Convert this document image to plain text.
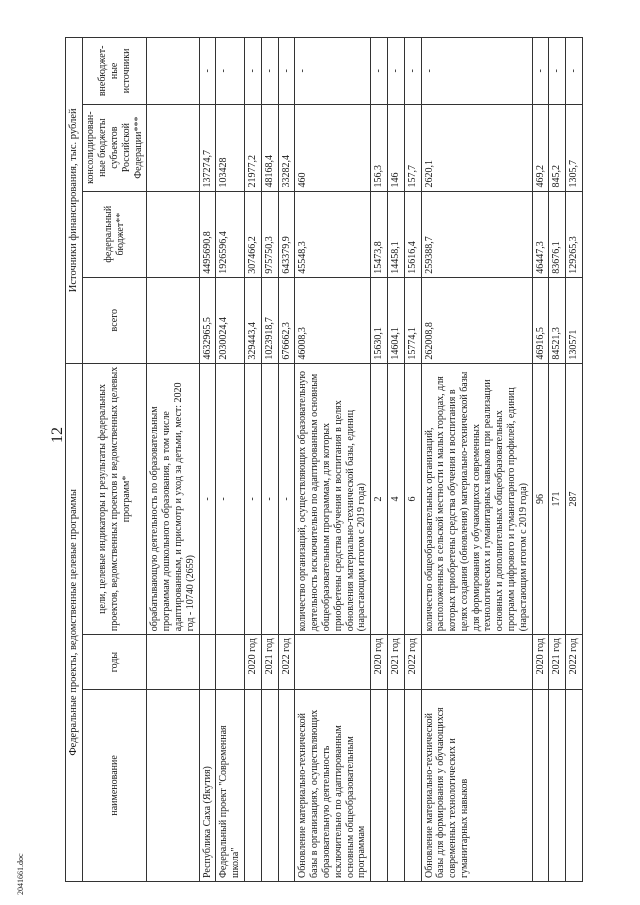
12
Федеральные проекты, ведомственные целевые программы			Источники финансирования, тыс. рублей			
наименование	годы	цели, целевые индикаторы и результаты федеральных проектов, ведомственных проектов и ведомственных целевых программ*	всего	федеральный бюджет**	консолидирован-ные бюджеты субъектов Российской Федерации***	внебюджет-ные источники
		обрабатывающую деятельность по образовательным программам дошкольного образования, в том числе адаптированным, и присмотр и уход за детьми, мест: 2020 год - 10740 (2659)				
Республика Саха (Якутия)		-	4632965,5	4495690,8	137274,7	-
Федеральный проект "Современная школа"		-	2030024,4	1926596,4	103428	-
	2020 год	-	329443,4	307466,2	21977,2	-
	2021 год	-	1023918,7	975750,3	48168,4	-
	2022 год	-	676662,3	643379,9	33282,4	-
Обновление материально-технической базы в организациях, осуществляющих образовательную деятельность исключительно по адаптированным основным общеобразовательным программам		количество организаций, осуществляющих образовательную деятельность исключительно по адаптированным основным общеобразовательным программам, для которых приобретены средства обучения и воспитания в целях обновления материально-технической базы, единиц (нарастающим итогом с 2019 года)	46008,3	45548,3	460	-
	2020 год	2	15630,1	15473,8	156,3	-
	2021 год	4	14604,1	14458,1	146	-
	2022 год	6	15774,1	15616,4	157,7	-
Обновление материально-технической базы для формирования у обучающихся современных технологических и гуманитарных навыков		количество общеобразовательных организаций, расположенных в сельской местности и малых городах, для которых приобретены средства обучения и воспитания в целях создания (обновления) материально-технической базы для формирования у обучающихся современных технологических и гуманитарных навыков при реализации основных и дополнительных общеобразовательных программ цифрового и гуманитарного профилей, единиц (нарастающим итогом с 2019 года)	262008,8	259388,7	2620,1	-
	2020 год	96	46916,5	46447,3	469,2	-
	2021 год	171	84521,3	83676,1	845,2	-
	2022 год	287	130571	129265,3	1305,7	-
2041661.doc
